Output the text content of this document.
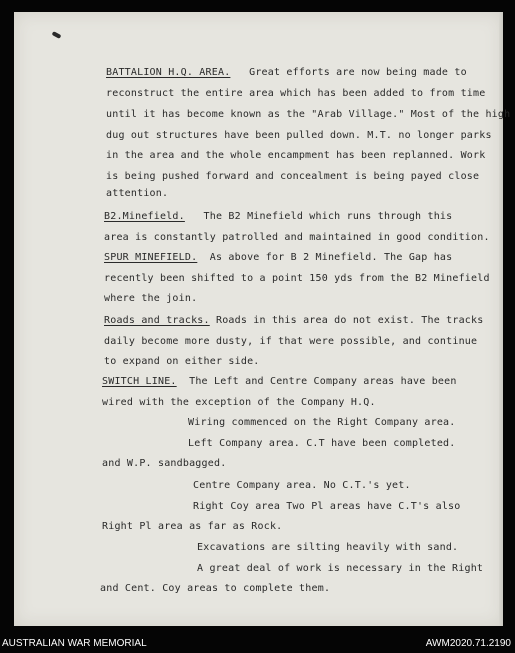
BATTALION H.Q. AREA. Great efforts are now being made to
reconstruct the entire area which has been added to from time
until it has become known as the "Arab Village." Most of the high
dug out structures have been pulled down. M.T. no longer parks
in the area and the whole encampment has been replanned. Work
is being pushed forward and concealment is being payed close
attention.
B2.Minefield. The B2 Minefield which runs through this
area is constantly patrolled and maintained in good condition.
SPUR MINEFIELD. As above for B 2 Minefield. The Gap has
recently been shifted to a point 150 yds from the B2 Minefield
where the join.
Roads and tracks. Roads in this area do not exist. The tracks
daily become more dusty, if that were possible, and continue
to expand on either side.
SWITCH LINE. The Left and Centre Company areas have been
wired with the exception of the Company H.Q.
Wiring commenced on the Right Company area.
Left Company area. C.T have been completed.
and W.P. sandbagged.
Centre Company area. No C.T.'s yet.
Right Coy area Two Pl areas have C.T's also
Right Pl area as far as Rock.
Excavations are silting heavily with sand.
A great deal of work is necessary in the Right
and Cent. Coy areas to complete them.
AUSTRALIAN WAR MEMORIAL	AWM2020.71.2190
